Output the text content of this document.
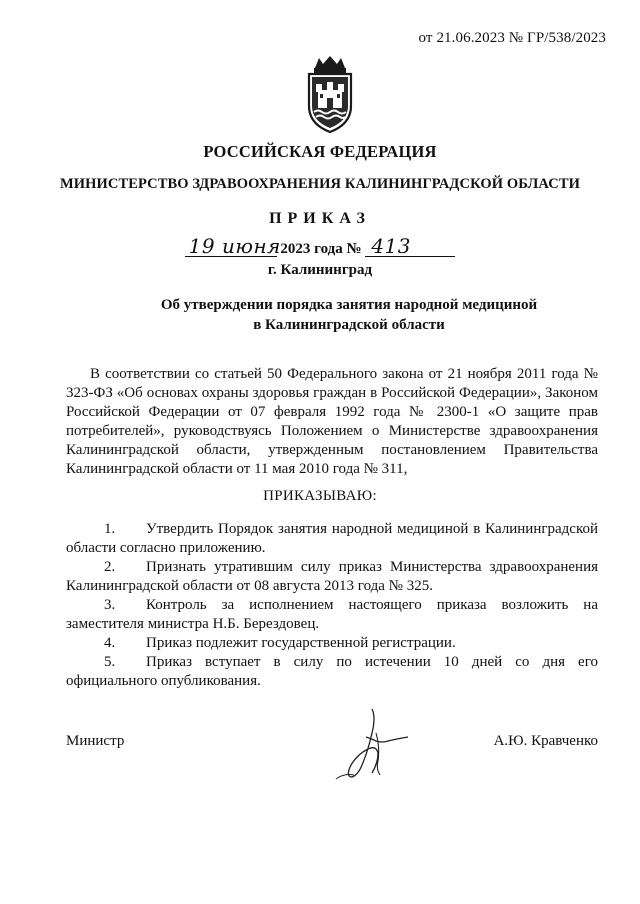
от 21.06.2023 № ГР/538/2023
РОССИЙСКАЯ ФЕДЕРАЦИЯ
МИНИСТЕРСТВО ЗДРАВООХРАНЕНИЯ КАЛИНИНГРАДСКОЙ ОБЛАСТИ
ПРИКАЗ
19 июня 2023 года № 413
г. Калининград
Об утверждении порядка занятия народной медициной
в Калининградской области
В соответствии со статьей 50 Федерального закона от 21 ноября 2011 года № 323-ФЗ «Об основах охраны здоровья граждан в Российской Федерации», Законом Российской Федерации от 07 февраля 1992 года № 2300-1 «О защите прав потребителей», руководствуясь Положением о Министерстве здравоохранения Калининградской области, утвержденным постановлением Правительства Калининградской области от 11 мая 2010 года № 311,
ПРИКАЗЫВАЮ:
1. Утвердить Порядок занятия народной медициной в Калининградской области согласно приложению.
2. Признать утратившим силу приказ Министерства здравоохранения Калининградской области от 08 августа 2013 года № 325.
3. Контроль за исполнением настоящего приказа возложить на заместителя министра Н.Б. Берездовец.
4. Приказ подлежит государственной регистрации.
5. Приказ вступает в силу по истечении 10 дней со дня его официального опубликования.
Министр	А.Ю. Кравченко
